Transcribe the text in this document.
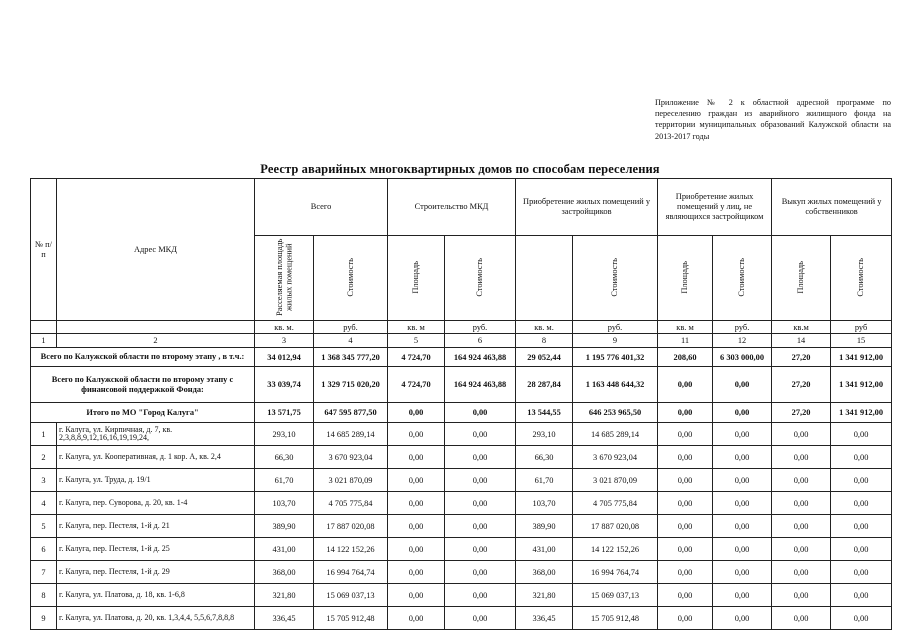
Приложение № 2 к областной адресной программе по переселению граждан из аварийного жилищного фонда на территории муниципальных образований Калужской области на 2013-2017 годы
Реестр аварийных многоквартирных домов по способам переселения
№ п/п	Адрес МКД	Всего		Строительство МКД		Приобретение жилых помещений у застройщиков		Приобретение жилых помещений у лиц, не являющихся застройщиком		Выкуп жилых помещений у собственников	
		Расселяемая площадь жилых помещений	Стоимость	Площадь	Стоимость		Стоимость	Площадь	Стоимость	Площадь	Стоимость
		кв. м.	руб.	кв. м	руб.	кв. м.	руб.	кв. м	руб.	кв.м	руб
1	2	3	4	5	6	8	9	11	12	14	15
Всего по Калужской области по второму этапу , в т.ч.:		34 012,94	1 368 345 777,20	4 724,70	164 924 463,88	29 052,44	1 195 776 401,32	208,60	6 303 000,00	27,20	1 341 912,00
Всего по Калужской области по второму этапу с финансовой поддержкой Фонда:		33 039,74	1 329 715 020,20	4 724,70	164 924 463,88	28 287,84	1 163 448 644,32	0,00	0,00	27,20	1 341 912,00
Итого по МО "Город Калуга"		13 571,75	647 595 877,50	0,00	0,00	13 544,55	646 253 965,50	0,00	0,00	27,20	1 341 912,00
1	г. Калуга, ул. Кирпичная, д. 7, кв. 2,3,8,8,9,12,16,16,19,19,24,	293,10	14 685 289,14	0,00	0,00	293,10	14 685 289,14	0,00	0,00	0,00	0,00
2	г. Калуга, ул. Кооперативная, д. 1 кор. А, кв. 2,4	66,30	3 670 923,04	0,00	0,00	66,30	3 670 923,04	0,00	0,00	0,00	0,00
3	г. Калуга, ул. Труда, д. 19/1	61,70	3 021 870,09	0,00	0,00	61,70	3 021 870,09	0,00	0,00	0,00	0,00
4	г. Калуга, пер. Суворова, д. 20, кв. 1-4	103,70	4 705 775,84	0,00	0,00	103,70	4 705 775,84	0,00	0,00	0,00	0,00
5	г. Калуга, пер. Пестеля, 1-й д. 21	389,90	17 887 020,08	0,00	0,00	389,90	17 887 020,08	0,00	0,00	0,00	0,00
6	г. Калуга, пер. Пестеля, 1-й д. 25	431,00	14 122 152,26	0,00	0,00	431,00	14 122 152,26	0,00	0,00	0,00	0,00
7	г. Калуга, пер. Пестеля, 1-й д. 29	368,00	16 994 764,74	0,00	0,00	368,00	16 994 764,74	0,00	0,00	0,00	0,00
8	г. Калуга, ул. Платова, д. 18, кв. 1-6,8	321,80	15 069 037,13	0,00	0,00	321,80	15 069 037,13	0,00	0,00	0,00	0,00
9	г. Калуга, ул. Платова, д. 20, кв. 1,3,4,4, 5,5,6,7,8,8,8	336,45	15 705 912,48	0,00	0,00	336,45	15 705 912,48	0,00	0,00	0,00	0,00
